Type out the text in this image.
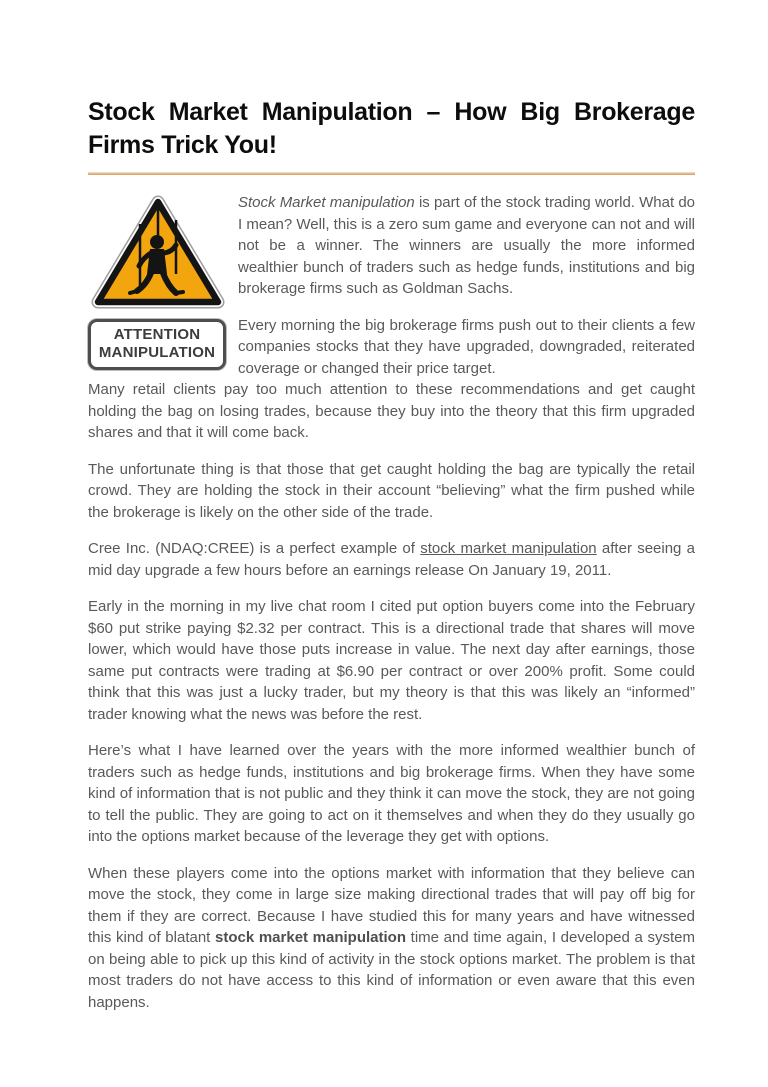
Stock Market Manipulation – How Big Brokerage
Firms Trick You!
ATTENTION
MANIPULATION

Stock Market manipulation is part of the stock trading world. What do I mean? Well, this is a zero sum game and everyone can not and will not be a winner. The winners are usually the more informed wealthier bunch of traders such as hedge funds, institutions and big brokerage firms such as Goldman Sachs.

Every morning the big brokerage firms push out to their clients a few companies stocks that they have upgraded, downgraded, reiterated coverage or changed their price target.

Many retail clients pay too much attention to these recommendations and get caught holding the bag on losing trades, because they buy into the theory that this firm upgraded shares and that it will come back.

The unfortunate thing is that those that get caught holding the bag are typically the retail crowd. They are holding the stock in their account “believing” what the firm pushed while the brokerage is likely on the other side of the trade.

Cree Inc. (NDAQ:CREE) is a perfect example of stock market manipulation after seeing a mid day upgrade a few hours before an earnings release On January 19, 2011.

Early in the morning in my live chat room I cited put option buyers come into the February $60 put strike paying $2.32 per contract. This is a directional trade that shares will move lower, which would have those puts increase in value. The next day after earnings, those same put contracts were trading at $6.90 per contract or over 200% profit. Some could think that this was just a lucky trader, but my theory is that this was likely an “informed” trader knowing what the news was before the rest.

Here’s what I have learned over the years with the more informed wealthier bunch of traders such as hedge funds, institutions and big brokerage firms. When they have some kind of information that is not public and they think it can move the stock, they are not going to tell the public. They are going to act on it themselves and when they do they usually go into the options market because of the leverage they get with options.

When these players come into the options market with information that they believe can move the stock, they come in large size making directional trades that will pay off big for them if they are correct. Because I have studied this for many years and have witnessed this kind of blatant stock market manipulation time and time again, I developed a system on being able to pick up this kind of activity in the stock options market. The problem is that most traders do not have access to this kind of information or even aware that this even happens.
